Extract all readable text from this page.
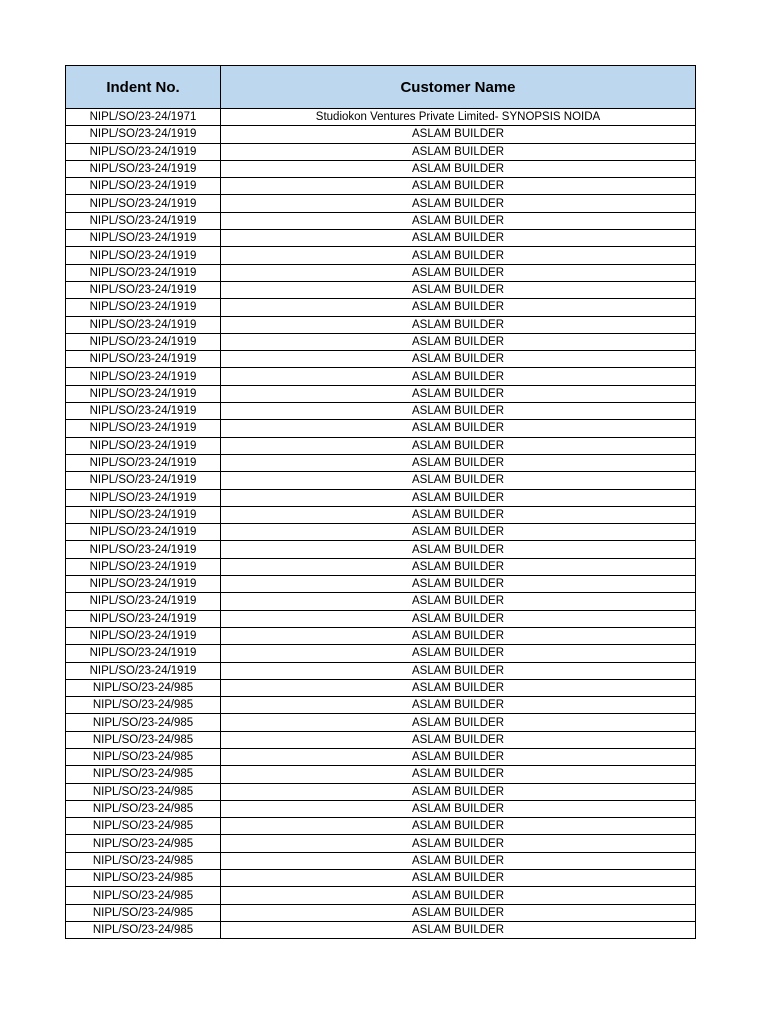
Indent No.	Customer Name
NIPL/SO/23-24/1971	Studiokon Ventures Private Limited- SYNOPSIS NOIDA
NIPL/SO/23-24/1919	ASLAM BUILDER
NIPL/SO/23-24/1919	ASLAM BUILDER
NIPL/SO/23-24/1919	ASLAM BUILDER
NIPL/SO/23-24/1919	ASLAM BUILDER
NIPL/SO/23-24/1919	ASLAM BUILDER
NIPL/SO/23-24/1919	ASLAM BUILDER
NIPL/SO/23-24/1919	ASLAM BUILDER
NIPL/SO/23-24/1919	ASLAM BUILDER
NIPL/SO/23-24/1919	ASLAM BUILDER
NIPL/SO/23-24/1919	ASLAM BUILDER
NIPL/SO/23-24/1919	ASLAM BUILDER
NIPL/SO/23-24/1919	ASLAM BUILDER
NIPL/SO/23-24/1919	ASLAM BUILDER
NIPL/SO/23-24/1919	ASLAM BUILDER
NIPL/SO/23-24/1919	ASLAM BUILDER
NIPL/SO/23-24/1919	ASLAM BUILDER
NIPL/SO/23-24/1919	ASLAM BUILDER
NIPL/SO/23-24/1919	ASLAM BUILDER
NIPL/SO/23-24/1919	ASLAM BUILDER
NIPL/SO/23-24/1919	ASLAM BUILDER
NIPL/SO/23-24/1919	ASLAM BUILDER
NIPL/SO/23-24/1919	ASLAM BUILDER
NIPL/SO/23-24/1919	ASLAM BUILDER
NIPL/SO/23-24/1919	ASLAM BUILDER
NIPL/SO/23-24/1919	ASLAM BUILDER
NIPL/SO/23-24/1919	ASLAM BUILDER
NIPL/SO/23-24/1919	ASLAM BUILDER
NIPL/SO/23-24/1919	ASLAM BUILDER
NIPL/SO/23-24/1919	ASLAM BUILDER
NIPL/SO/23-24/1919	ASLAM BUILDER
NIPL/SO/23-24/1919	ASLAM BUILDER
NIPL/SO/23-24/1919	ASLAM BUILDER
NIPL/SO/23-24/985	ASLAM BUILDER
NIPL/SO/23-24/985	ASLAM BUILDER
NIPL/SO/23-24/985	ASLAM BUILDER
NIPL/SO/23-24/985	ASLAM BUILDER
NIPL/SO/23-24/985	ASLAM BUILDER
NIPL/SO/23-24/985	ASLAM BUILDER
NIPL/SO/23-24/985	ASLAM BUILDER
NIPL/SO/23-24/985	ASLAM BUILDER
NIPL/SO/23-24/985	ASLAM BUILDER
NIPL/SO/23-24/985	ASLAM BUILDER
NIPL/SO/23-24/985	ASLAM BUILDER
NIPL/SO/23-24/985	ASLAM BUILDER
NIPL/SO/23-24/985	ASLAM BUILDER
NIPL/SO/23-24/985	ASLAM BUILDER
NIPL/SO/23-24/985	ASLAM BUILDER
